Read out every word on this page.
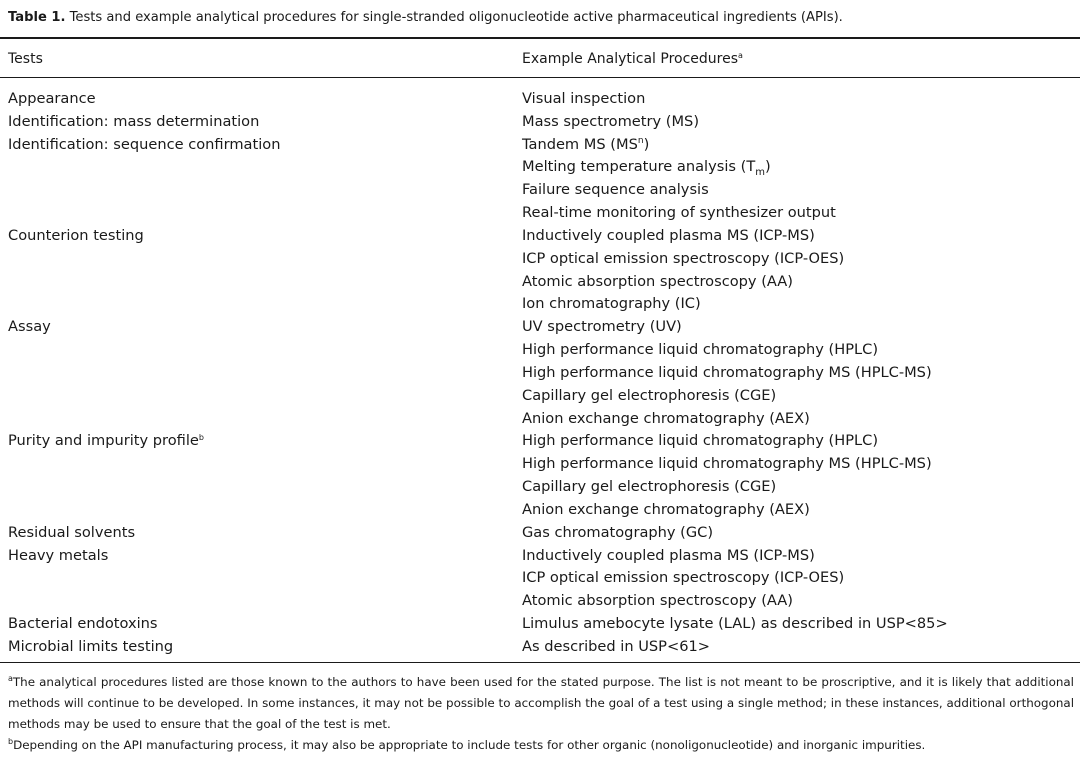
Table 1. Tests and example analytical procedures for single-stranded oligonucleotide active pharmaceutical ingredients (APIs).
Tests	Example Analytical Procedures$^a$
Appearance	Visual inspection
Identification: mass determination	Mass spectrometry (MS)
Identification: sequence confirmation	Tandem MS $(MS^n)$
Melting temperature analysis $(T_m)$
Failure sequence analysis
Real-time monitoring of synthesizer output
Counterion testing	Inductively coupled plasma MS (ICP-MS)
ICP optical emission spectroscopy (ICP-OES)
Atomic absorption spectroscopy (AA)
Ion chromatography (IC)
Assay	UV spectrometry (UV)
High performance liquid chromatography (HPLC)
High performance liquid chromatography MS (HPLC-MS)
Capillary gel electrophoresis (CGE)
Anion exchange chromatography (AEX)
Purity and impurity profile$^b$	High performance liquid chromatography (HPLC)
High performance liquid chromatography MS (HPLC-MS)
Capillary gel electrophoresis (CGE)
Anion exchange chromatography (AEX)
Residual solvents	Gas chromatography (GC)
Heavy metals	Inductively coupled plasma MS (ICP-MS)
ICP optical emission spectroscopy (ICP-OES)
Atomic absorption spectroscopy (AA)
Bacterial endotoxins	Limulus amebocyte lysate (LAL) as described in USP<85>
Microbial limits testing	As described in USP<61>

$^a$The analytical procedures listed are those known to the authors to have been used for the stated purpose. The list is not meant to be proscriptive, and it is likely that additional methods will continue to be developed. In some instances, it may not be possible to accomplish the goal of a test using a single method; in these instances, additional orthogonal methods may be used to ensure that the goal of the test is met.

$^b$Depending on the API manufacturing process, it may also be appropriate to include tests for other organic (nonoligonucleotide) and inorganic impurities.
